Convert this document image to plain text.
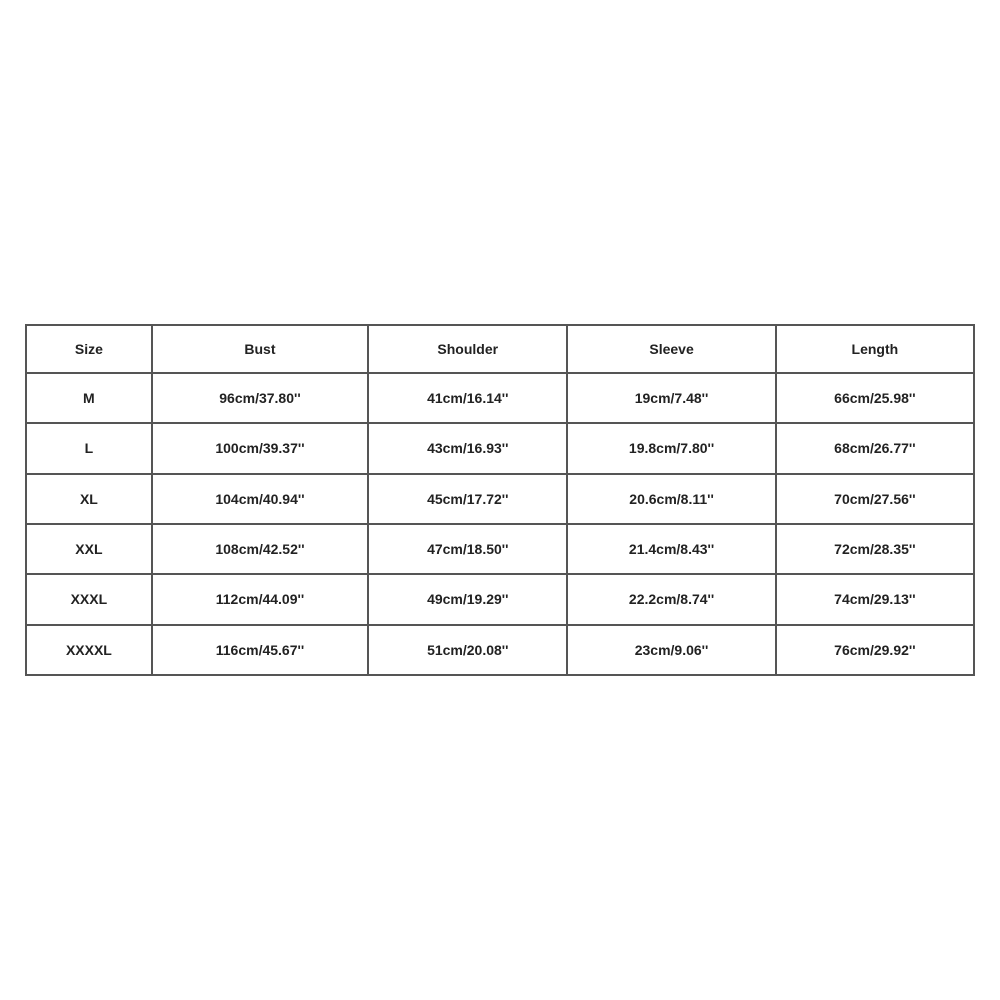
Size	Bust	Shoulder	Sleeve	Length
M	96cm/37.80''	41cm/16.14''	19cm/7.48''	66cm/25.98''
L	100cm/39.37''	43cm/16.93''	19.8cm/7.80''	68cm/26.77''
XL	104cm/40.94''	45cm/17.72''	20.6cm/8.11''	70cm/27.56''
XXL	108cm/42.52''	47cm/18.50''	21.4cm/8.43''	72cm/28.35''
XXXL	112cm/44.09''	49cm/19.29''	22.2cm/8.74''	74cm/29.13''
XXXXL	116cm/45.67''	51cm/20.08''	23cm/9.06''	76cm/29.92''
